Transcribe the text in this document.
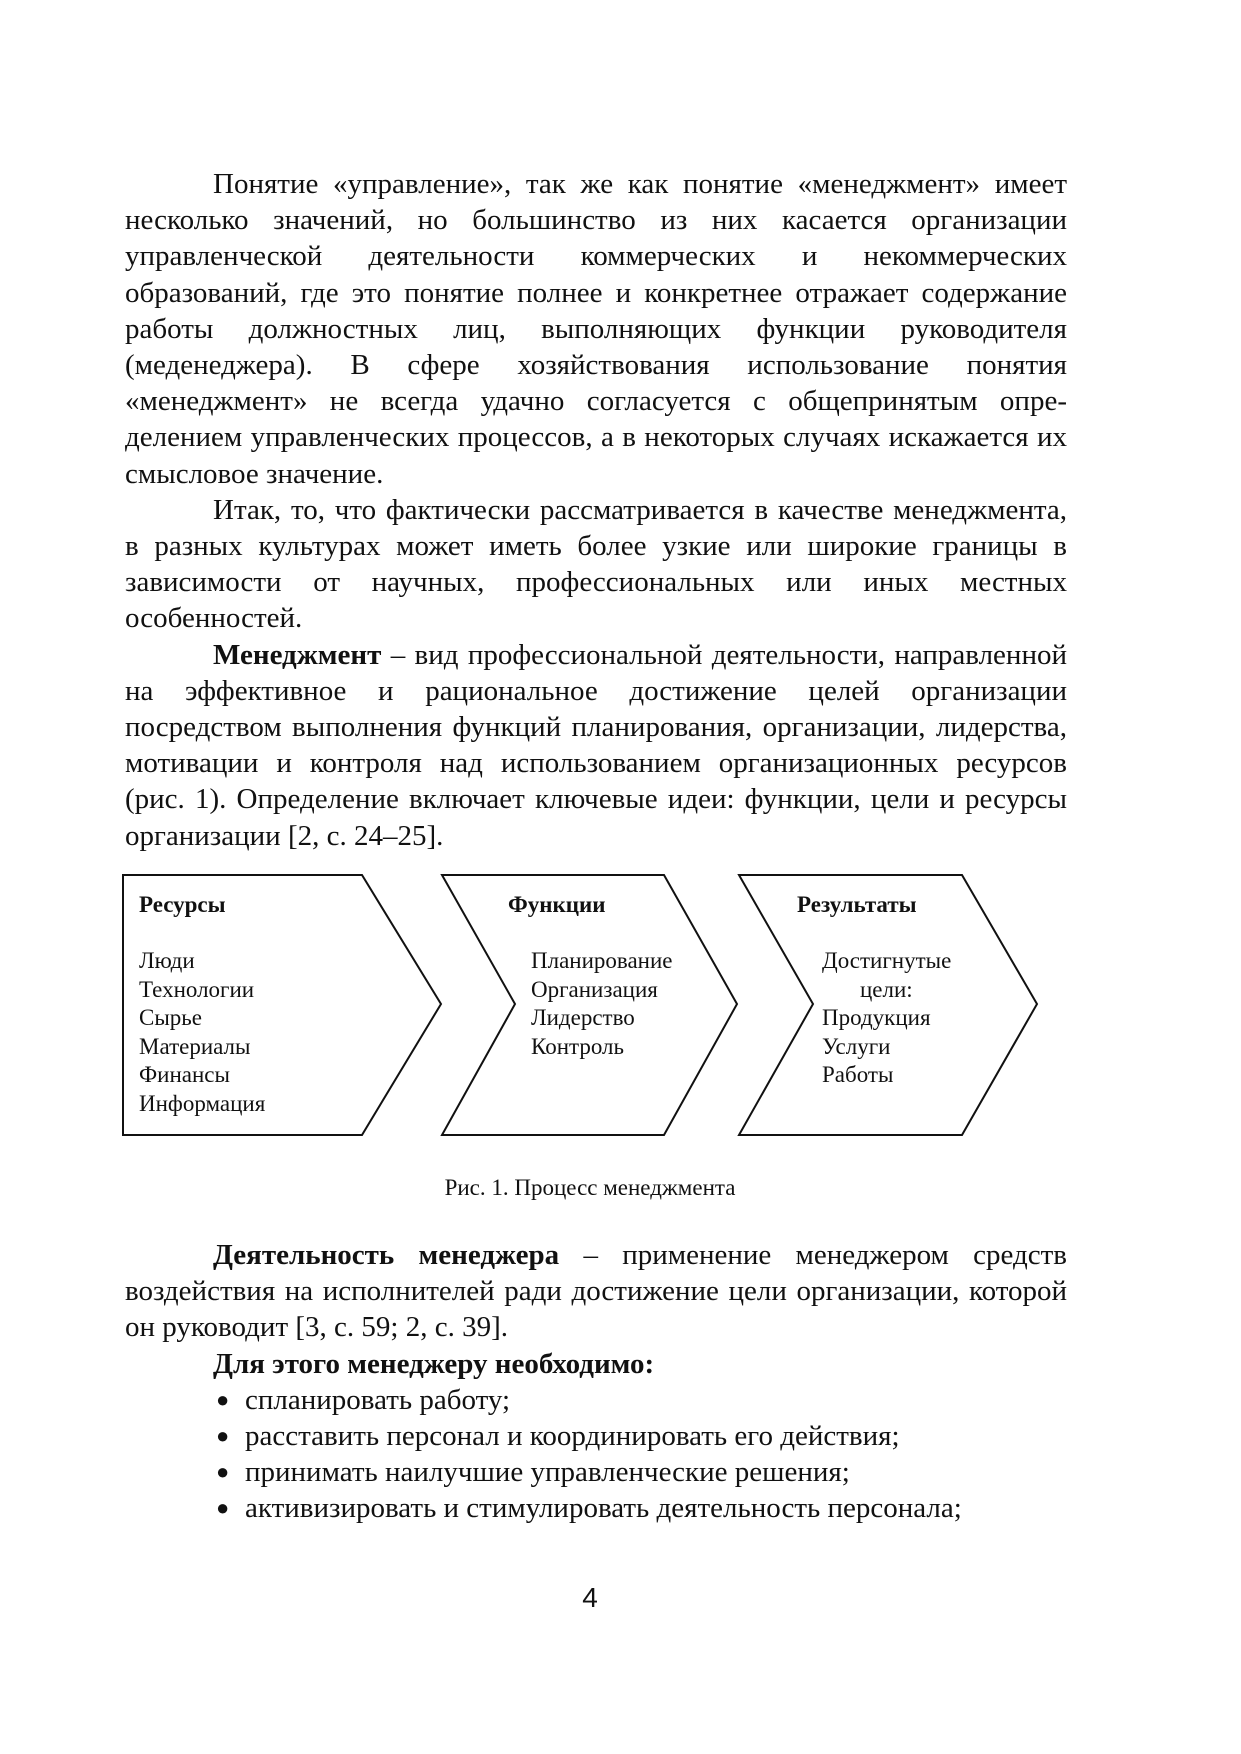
Понятие «управление», так же как понятие «менеджмент» имеет несколько значений, но большинство из них касается организации управленческой деятельности коммерческих и некоммерческих образований, где это понятие полнее и конкретнее отражает содержание работы должностных лиц, выполняющих функции руководителя (меденеджера). В сфере хозяйствования использование понятия «менеджмент» не всегда удачно согласуется с общепринятым определением управленческих процессов, а в некоторых случаях искажается их смысловое значение.

Итак, то, что фактически рассматривается в качестве менеджмента, в разных культурах может иметь более узкие или широкие границы в зависимости от научных, профессиональных или иных местных особенностей.

Менеджмент – вид профессиональной деятельности, направленной на эффективное и рациональное достижение целей организации посредством выполнения функций планирования, организации, лидерства, мотивации и контроля над использованием организационных ресурсов (рис. 1). Определение включает ключевые идеи: функции, цели и ресурсы организации [2, с. 24–25].

Ресурсы
Люди
Технологии
Сырье
Материалы
Финансы
Информация
Функции
Планирование
Организация
Лидерство
Контроль
Результаты
Достигнутые
цели:
Продукция
Услуги
Работы
Рис. 1. Процесс менеджмента

Деятельность менеджера – применение менеджером средств воздействия на исполнителей ради достижение цели организации, которой он руководит [3, с. 59; 2, с. 39].

Для этого менеджеру необходимо:
● спланировать работу;
● расставить персонал и координировать его действия;
● принимать наилучшие управленческие решения;
● активизировать и стимулировать деятельность персонала;
4
